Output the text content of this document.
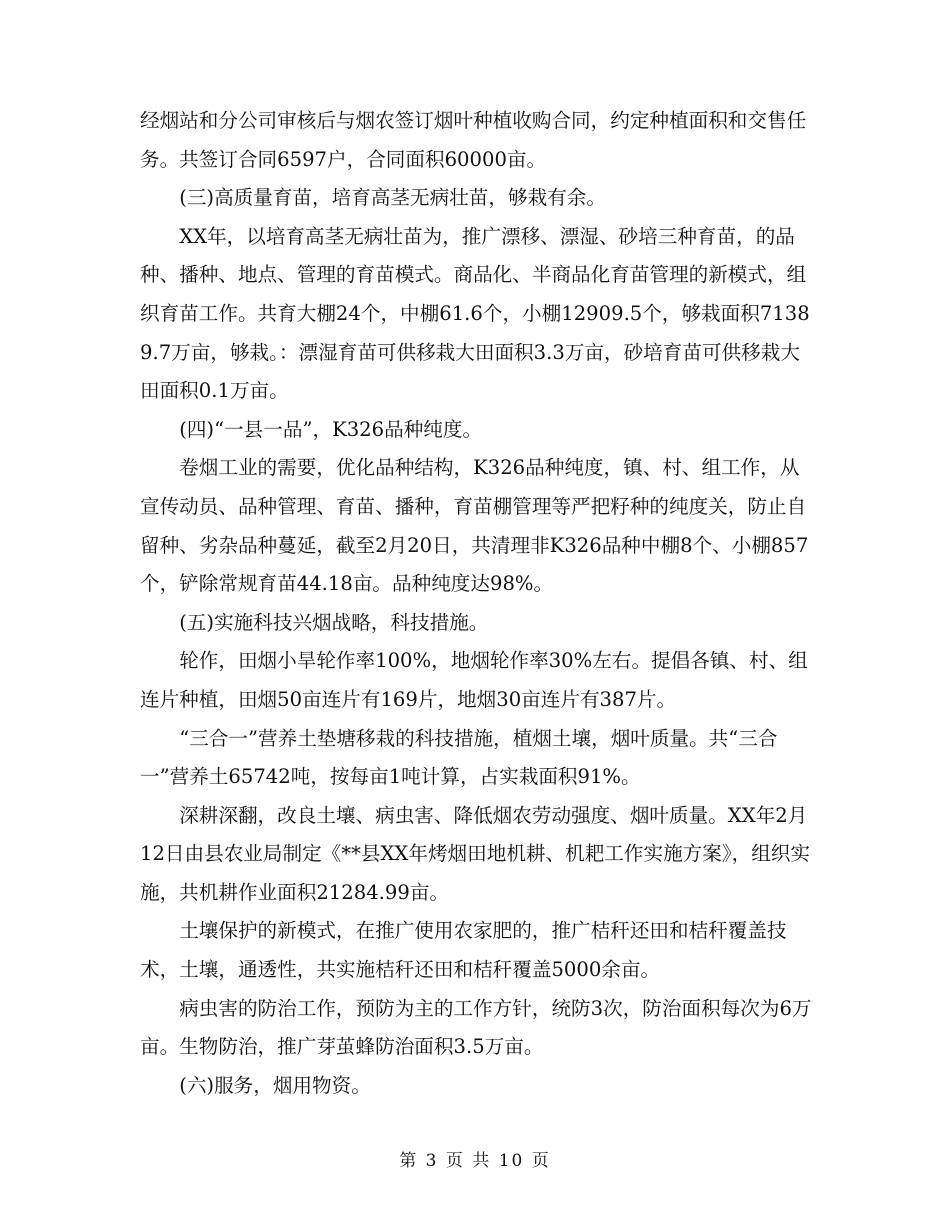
经烟站和分公司审核后与烟农签订烟叶种植收购合同，约定种植面积和交售任务。共签订合同6597户，合同面积60000亩。

(三)高质量育苗，培育高茎无病壮苗，够栽有余。

XX年，以培育高茎无病壮苗为，推广漂移、漂湿、砂培三种育苗，的品种、播种、地点、管理的育苗模式。商品化、半商品化育苗管理的新模式，组织育苗工作。共育大棚24个，中棚61.6个，小棚12909.5个，够栽面积71389.7万亩，够栽。：漂湿育苗可供移栽大田面积3.3万亩，砂培育苗可供移栽大田面积0.1万亩。

(四)“一县一品”，K326品种纯度。

卷烟工业的需要，优化品种结构，K326品种纯度，镇、村、组工作，从宣传动员、品种管理、育苗、播种，育苗棚管理等严把籽种的纯度关，防止自留种、劣杂品种蔓延，截至2月20日，共清理非K326品种中棚8个、小棚857个，铲除常规育苗44.18亩。品种纯度达98%。

(五)实施科技兴烟战略，科技措施。

轮作，田烟小旱轮作率100%，地烟轮作率30%左右。提倡各镇、村、组连片种植，田烟50亩连片有169片，地烟30亩连片有387片。

“三合一”营养土垫塘移栽的科技措施，植烟土壤，烟叶质量。共“三合一”营养土65742吨，按每亩1吨计算，占实栽面积91%。

深耕深翻，改良土壤、病虫害、降低烟农劳动强度、烟叶质量。XX年2月12日由县农业局制定《**县XX年烤烟田地机耕、机耙工作实施方案》，组织实施，共机耕作业面积21284.99亩。

土壤保护的新模式，在推广使用农家肥的，推广桔秆还田和桔秆覆盖技术，土壤，通透性，共实施桔秆还田和桔秆覆盖5000余亩。

病虫害的防治工作，预防为主的工作方针，统防3次，防治面积每次为6万亩。生物防治，推广芽茧蜂防治面积3.5万亩。

(六)服务，烟用物资。

第 3 页 共 10 页
